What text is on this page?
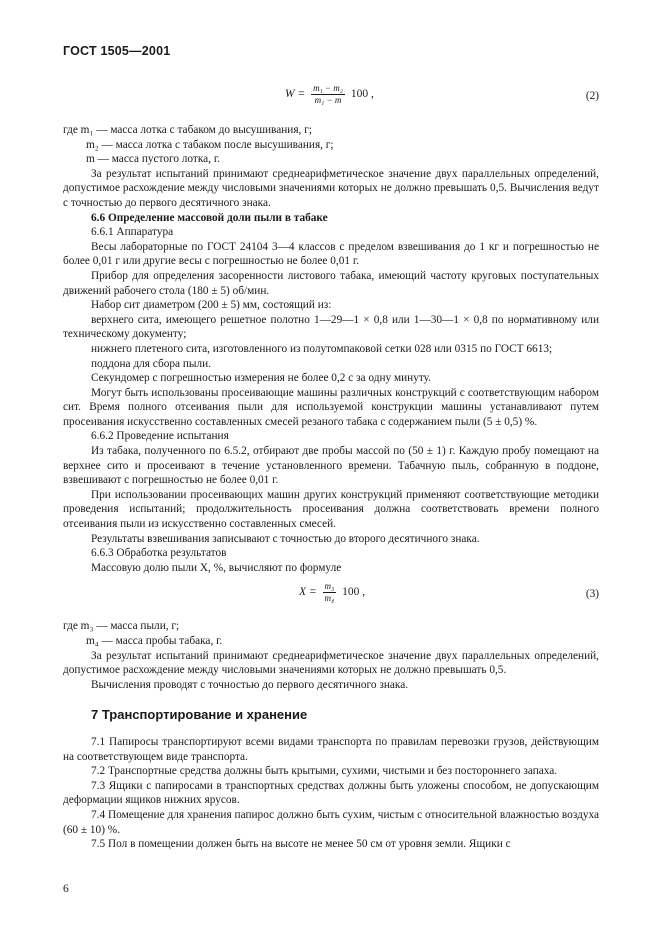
ГОСТ 1505—2001
$W = \frac{\text{m₁ − m₂}}{\text{m₁ − m}} 100$ ,	(2)

где m₁ — масса лотка с табаком до высушивания, г;

m₂ — масса лотка с табаком после высушивания, г;

m — масса пустого лотка, г.

За результат испытаний принимают среднеарифметическое значение двух параллельных определений, допустимое расхождение между числовыми значениями которых не должно превышать 0,5. Вычисления ведут с точностью до первого десятичного знака.

6.6 Определение массовой доли пыли в табаке

6.6.1 Аппаратура

Весы лабораторные по ГОСТ 24104 3—4 классов с пределом взвешивания до 1 кг и погрешностью не более 0,01 г или другие весы с погрешностью не более 0,01 г.

Прибор для определения засоренности листового табака, имеющий частоту круговых поступательных движений рабочего стола (180 ± 5) об/мин.

Набор сит диаметром (200 ± 5) мм, состоящий из:

верхнего сита, имеющего решетное полотно 1—29—1 × 0,8 или 1—30—1 × 0,8 по нормативному или техническому документу;

нижнего плетеного сита, изготовленного из полутомпаковой сетки 028 или 0315 по ГОСТ 6613;

поддона для сбора пыли.

Секундомер с погрешностью измерения не более 0,2 с за одну минуту.

Могут быть использованы просеивающие машины различных конструкций с соответствующим набором сит. Время полного отсеивания пыли для используемой конструкции машины устанавливают путем просеивания искусственно составленных смесей резаного табака с содержанием пыли (5 ± 0,5) %.

6.6.2 Проведение испытания

Из табака, полученного по 6.5.2, отбирают две пробы массой по (50 ± 1) г. Каждую пробу помещают на верхнее сито и просеивают в течение установленного времени. Табачную пыль, собранную в поддоне, взвешивают с погрешностью не более 0,01 г.

При использовании просеивающих машин других конструкций применяют соответствующие методики проведения испытаний; продолжительность просеивания должна соответствовать времени полного отсеивания пыли из искусственно составленных смесей.

Результаты взвешивания записывают с точностью до второго десятичного знака.

6.6.3 Обработка результатов

Массовую долю пыли X, %, вычисляют по формуле

$X = \frac{\text{m₃}}{\text{m₄}} 100$ ,	(3)

где m₃ — масса пыли, г;

m₄ — масса пробы табака, г.

За результат испытаний принимают среднеарифметическое значение двух параллельных определений, допустимое расхождение между числовыми значениями которых не должно превышать 0,5.

Вычисления проводят с точностью до первого десятичного знака.

7 Транспортирование и хранение

7.1 Папиросы транспортируют всеми видами транспорта по правилам перевозки грузов, действующим на соответствующем виде транспорта.

7.2 Транспортные средства должны быть крытыми, сухими, чистыми и без постороннего запаха.

7.3 Ящики с папиросами в транспортных средствах должны быть уложены способом, не допускающим деформации ящиков нижних ярусов.

7.4 Помещение для хранения папирос должно быть сухим, чистым с относительной влажностью воздуха (60 ± 10) %.

7.5 Пол в помещении должен быть на высоте не менее 50 см от уровня земли. Ящики с

6
